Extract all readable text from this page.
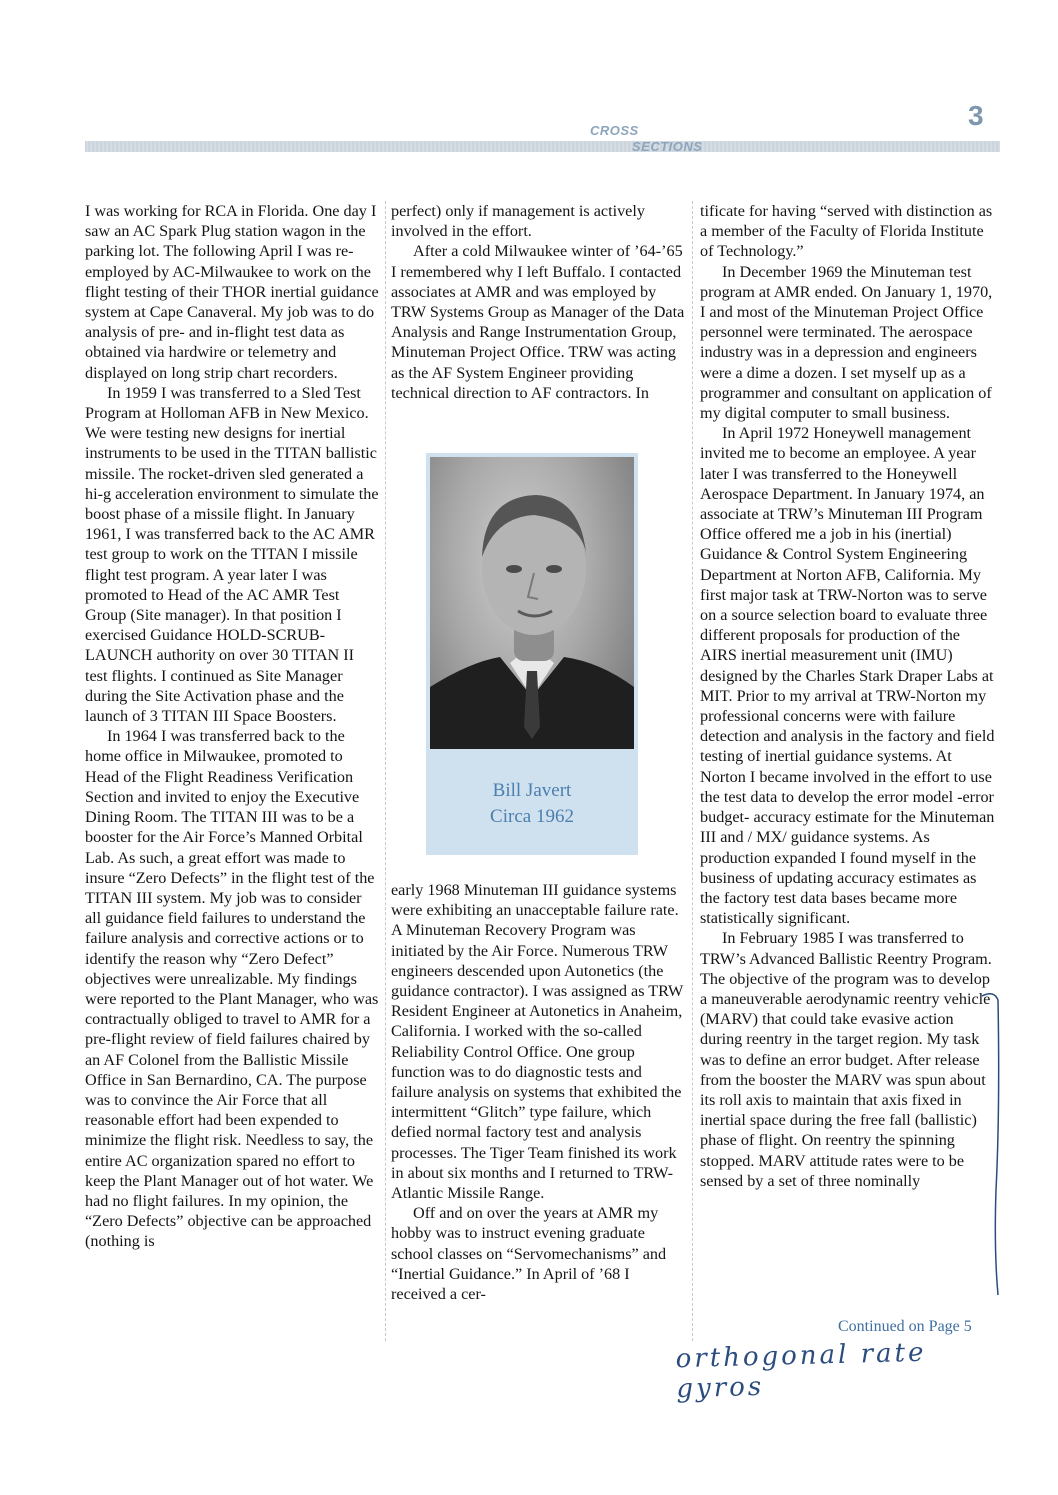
CROSS
SECTIONS
3

I was working for RCA in Florida. One day I saw an AC Spark Plug station wagon in the parking lot. The following April I was re-employed by AC-Milwaukee to work on the flight testing of their THOR inertial guidance system at Cape Canaveral. My job was to do analysis of pre- and in-flight test data as obtained via hardwire or telemetry and displayed on long strip chart recorders.

In 1959 I was transferred to a Sled Test Program at Holloman AFB in New Mexico. We were testing new designs for inertial instruments to be used in the TITAN ballistic missile. The rocket-driven sled generated a hi-g acceleration environment to simulate the boost phase of a missile flight. In January 1961, I was transferred back to the AC AMR test group to work on the TITAN I missile flight test program. A year later I was promoted to Head of the AC AMR Test Group (Site manager). In that position I exercised Guidance HOLD-SCRUB-LAUNCH authority on over 30 TITAN II test flights. I continued as Site Manager during the Site Activation phase and the launch of 3 TITAN III Space Boosters.

In 1964 I was transferred back to the home office in Milwaukee, promoted to Head of the Flight Readiness Verification Section and invited to enjoy the Executive Dining Room. The TITAN III was to be a booster for the Air Force’s Manned Orbital Lab. As such, a great effort was made to insure “Zero Defects” in the flight test of the TITAN III system. My job was to consider all guidance field failures to understand the failure analysis and corrective actions or to identify the reason why “Zero Defect” objectives were unrealizable. My findings were reported to the Plant Manager, who was contractually obliged to travel to AMR for a pre-flight review of field failures chaired by an AF Colonel from the Ballistic Missile Office in San Bernardino, CA. The purpose was to convince the Air Force that all reasonable effort had been expended to minimize the flight risk. Needless to say, the entire AC organization spared no effort to keep the Plant Manager out of hot water. We had no flight failures. In my opinion, the “Zero Defects” objective can be approached (nothing is

perfect) only if management is actively involved in the effort.

After a cold Milwaukee winter of ’64-’65 I remembered why I left Buffalo. I contacted associates at AMR and was employed by TRW Systems Group as Manager of the Data Analysis and Range Instrumentation Group, Minuteman Project Office. TRW was acting as the AF System Engineer providing technical direction to AF contractors. In

Bill Javert
Circa 1962

early 1968 Minuteman III guidance systems were exhibiting an unacceptable failure rate. A Minuteman Recovery Program was initiated by the Air Force. Numerous TRW engineers descended upon Autonetics (the guidance contractor). I was assigned as TRW Resident Engineer at Autonetics in Anaheim, California. I worked with the so-called Reliability Control Office. One group function was to do diagnostic tests and failure analysis on systems that exhibited the intermittent “Glitch” type failure, which defied normal factory test and analysis processes. The Tiger Team finished its work in about six months and I returned to TRW-Atlantic Missile Range.

Off and on over the years at AMR my hobby was to instruct evening graduate school classes on “Servomechanisms” and “Inertial Guidance.” In April of ’68 I received a cer-

tificate for having “served with distinction as a member of the Faculty of Florida Institute of Technology.”

In December 1969 the Minuteman test program at AMR ended. On January 1, 1970, I and most of the Minuteman Project Office personnel were terminated. The aerospace industry was in a depression and engineers were a dime a dozen. I set myself up as a programmer and consultant on application of my digital computer to small business.

In April 1972 Honeywell management invited me to become an employee. A year later I was transferred to the Honeywell Aerospace Department. In January 1974, an associate at TRW’s Minuteman III Program Office offered me a job in his (inertial) Guidance & Control System Engineering Department at Norton AFB, California. My first major task at TRW-Norton was to serve on a source selection board to evaluate three different proposals for production of the AIRS inertial measurement unit (IMU) designed by the Charles Stark Draper Labs at MIT. Prior to my arrival at TRW-Norton my professional concerns were with failure detection and analysis in the factory and field testing of inertial guidance systems. At Norton I became involved in the effort to use the test data to develop the error model -error budget- accuracy estimate for the Minuteman III and / MX/ guidance systems. As production expanded I found myself in the business of updating accuracy estimates as the factory test data bases became more statistically significant.

In February 1985 I was transferred to TRW’s Advanced Ballistic Reentry Program. The objective of the program was to develop a maneuverable aerodynamic reentry vehicle (MARV) that could take evasive action during reentry in the target region. My task was to define an error budget. After release from the booster the MARV was spun about its roll axis to maintain that axis fixed in inertial space during the free fall (ballistic) phase of flight. On reentry the spinning stopped. MARV attitude rates were to be sensed by a set of three nominally

Continued on Page 5
orthogonal rate gyros
